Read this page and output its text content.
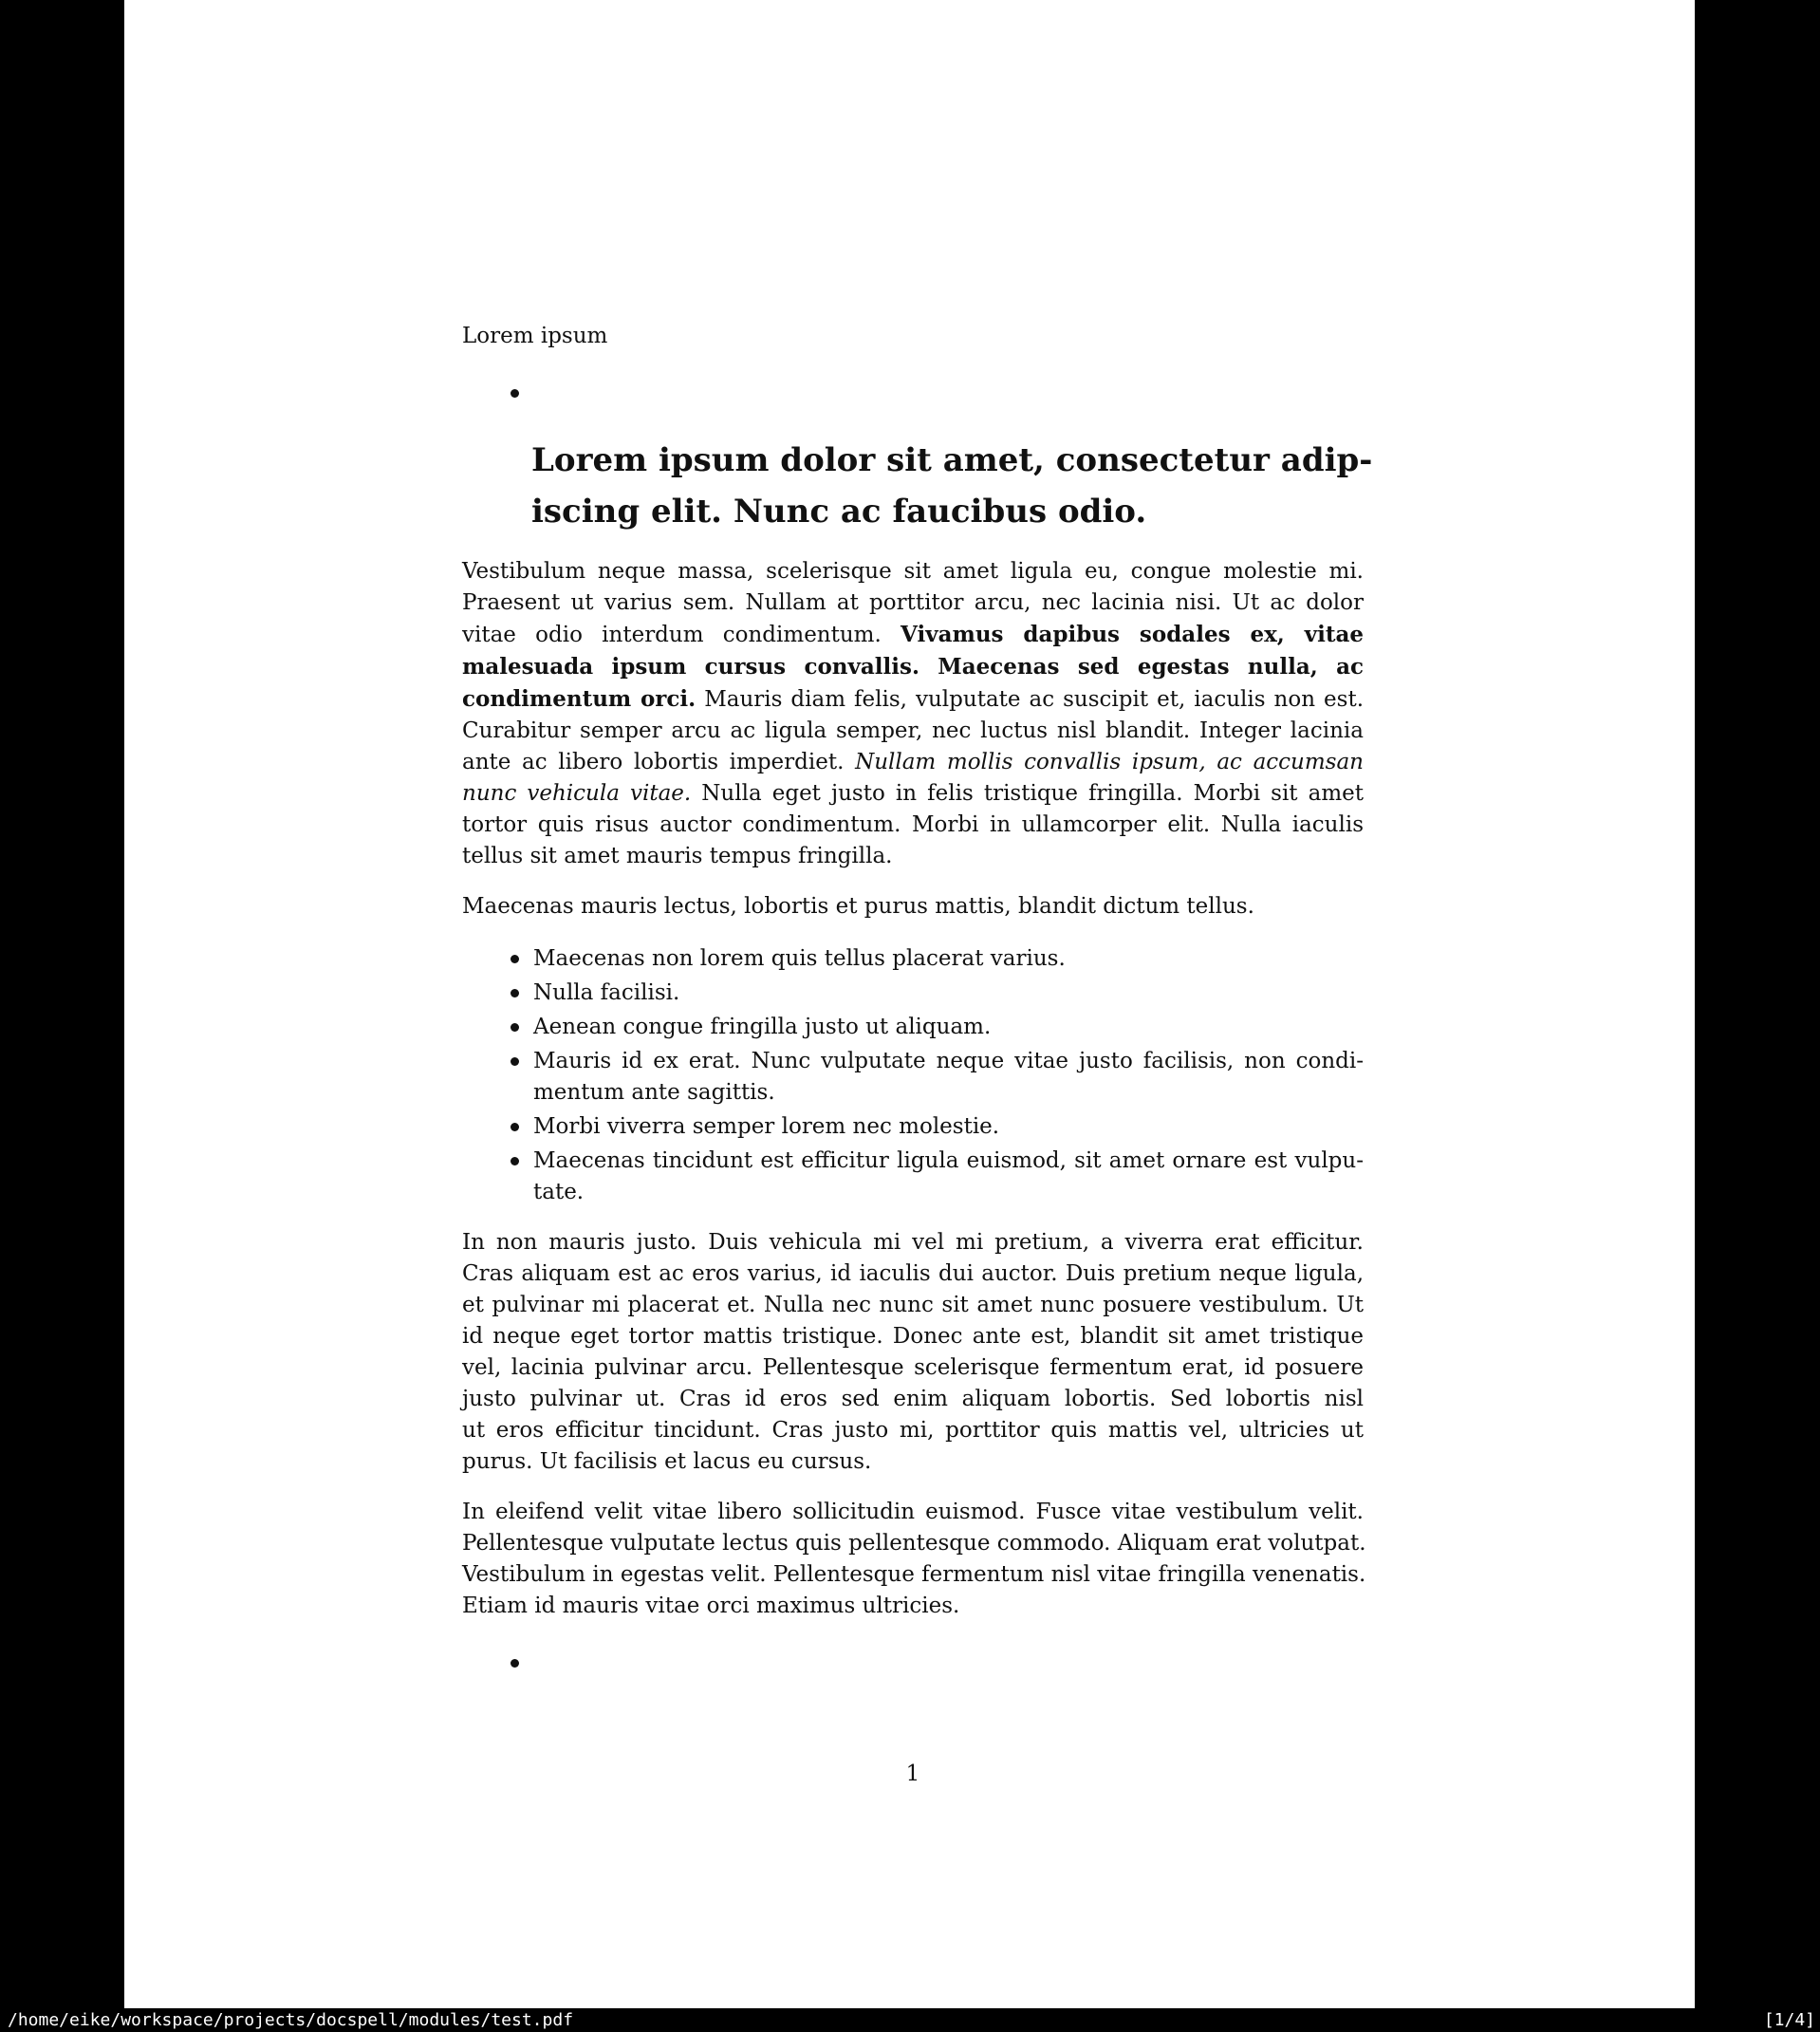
Lorem ipsum
Lorem ipsum dolor sit amet, consectetur adip-
iscing elit. Nunc ac faucibus odio.
Vestibulum neque massa, scelerisque sit amet ligula eu, congue molestie mi.
Praesent ut varius sem. Nullam at porttitor arcu, nec lacinia nisi. Ut ac dolor
vitae odio interdum condimentum. Vivamus dapibus sodales ex, vitae
malesuada ipsum cursus convallis. Maecenas sed egestas nulla, ac
condimentum orci. Mauris diam felis, vulputate ac suscipit et, iaculis non est.
Curabitur semper arcu ac ligula semper, nec luctus nisl blandit. Integer lacinia
ante ac libero lobortis imperdiet. Nullam mollis convallis ipsum, ac accumsan
nunc vehicula vitae. Nulla eget justo in felis tristique fringilla. Morbi sit amet
tortor quis risus auctor condimentum. Morbi in ullamcorper elit. Nulla iaculis
tellus sit amet mauris tempus fringilla.
Maecenas mauris lectus, lobortis et purus mattis, blandit dictum tellus.
Maecenas non lorem quis tellus placerat varius.
Nulla facilisi.
Aenean congue fringilla justo ut aliquam.
Mauris id ex erat. Nunc vulputate neque vitae justo facilisis, non condi-
mentum ante sagittis.
Morbi viverra semper lorem nec molestie.
Maecenas tincidunt est efficitur ligula euismod, sit amet ornare est vulpu-
tate.
In non mauris justo. Duis vehicula mi vel mi pretium, a viverra erat efficitur.
Cras aliquam est ac eros varius, id iaculis dui auctor. Duis pretium neque ligula,
et pulvinar mi placerat et. Nulla nec nunc sit amet nunc posuere vestibulum. Ut
id neque eget tortor mattis tristique. Donec ante est, blandit sit amet tristique
vel, lacinia pulvinar arcu. Pellentesque scelerisque fermentum erat, id posuere
justo pulvinar ut. Cras id eros sed enim aliquam lobortis. Sed lobortis nisl
ut eros efficitur tincidunt. Cras justo mi, porttitor quis mattis vel, ultricies ut
purus. Ut facilisis et lacus eu cursus.
In eleifend velit vitae libero sollicitudin euismod. Fusce vitae vestibulum velit.
Pellentesque vulputate lectus quis pellentesque commodo. Aliquam erat volutpat.
Vestibulum in egestas velit. Pellentesque fermentum nisl vitae fringilla venenatis.
Etiam id mauris vitae orci maximus ultricies.
1
/home/eike/workspace/projects/docspell/modules/test.pdf	[1/4]
